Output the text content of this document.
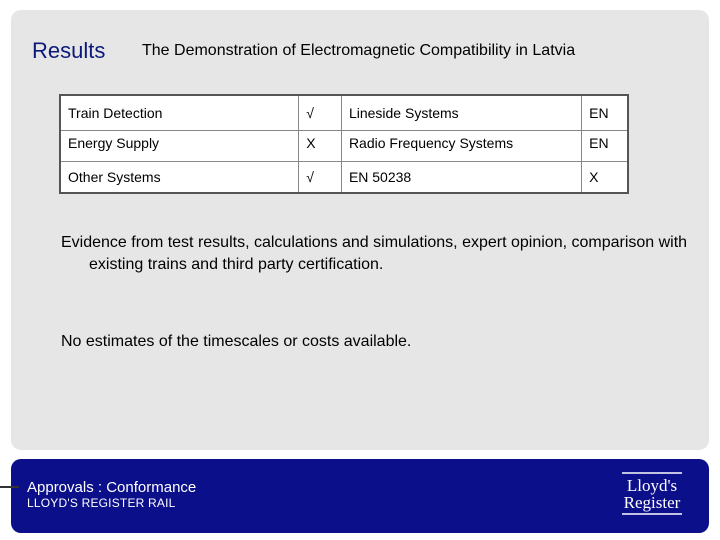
Results The Demonstration of Electromagnetic Compatibility in Latvia
Train Detection	√	Lineside Systems	EN
Energy Supply	X	Radio Frequency Systems	EN
Other Systems	√	EN 50238	X
Evidence from test results, calculations and simulations, expert opinion, comparison with existing trains and third party certification.
No estimates of the timescales or costs available.
Approvals : Conformance
LLOYD'S REGISTER RAIL
Lloyd's
Register
